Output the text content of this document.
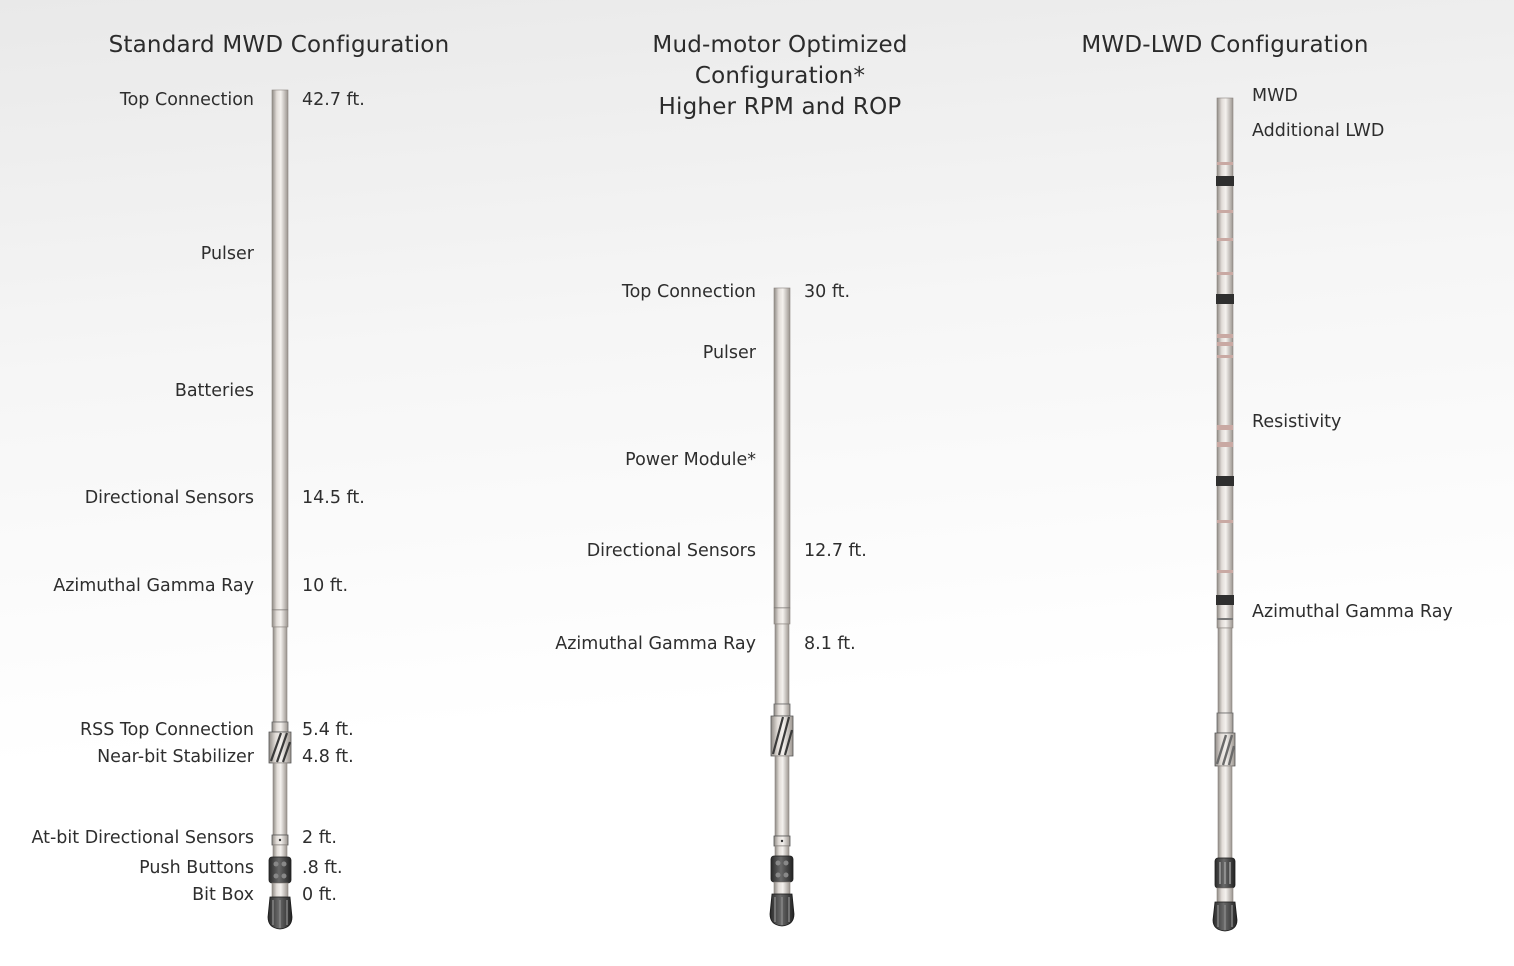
Standard MWD Configuration
Top Connection
Pulser
Batteries
Directional Sensors
Azimuthal Gamma Ray
RSS Top Connection
Near-bit Stabilizer
At-bit Directional Sensors
Push Buttons
Bit Box
42.7 ft.
14.5 ft.
10 ft.
5.4 ft.
4.8 ft.
2 ft.
.8 ft.
0 ft.
Mud-motor Optimized
Configuration*
Higher RPM and ROP
Top Connection
Pulser
Power Module*
Directional Sensors
Azimuthal Gamma Ray
30 ft.
12.7 ft.
8.1 ft.
MWD-LWD Configuration
MWD
Additional LWD
Resistivity
Azimuthal Gamma Ray
